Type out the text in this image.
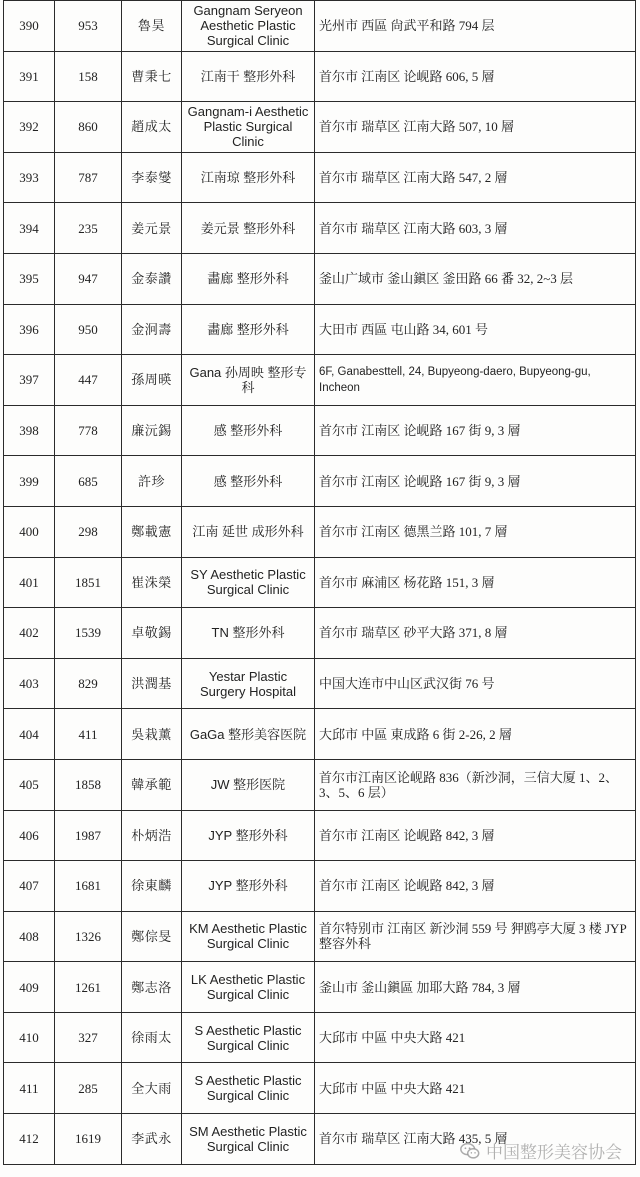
390	953	魯昊	Gangnam Seryeon Aesthetic Plastic Surgical Clinic	光州市 西區 尙武平和路 794 层
391	158	曹秉七	江南干 整形外科	首尔市 江南区 论岘路 606, 5 層
392	860	趙成太	Gangnam-i Aesthetic Plastic Surgical Clinic	首尔市 瑞草区 江南大路 507, 10 層
393	787	李泰燮	江南琼 整形外科	首尔市 瑞草区 江南大路 547, 2 層
394	235	姜元景	姜元景 整形外科	首尔市 瑞草区 江南大路 603, 3 層
395	947	金泰讚	畵廊 整形外科	釜山广域市 釜山鎭区 釜田路 66 番 32, 2~3 层
396	950	金泂壽	畵廊 整形外科	大田市 西區 屯山路 34, 601 号
397	447	孫周暎	Gana 孙周映 整形专科	6F, Ganabesttell, 24, Bupyeong-daero, Bupyeong-gu, Incheon
398	778	廉沅錫	感 整形外科	首尔市 江南区 论岘路 167 街 9, 3 層
399	685	許珍	感 整形外科	首尔市 江南区 论岘路 167 街 9, 3 層
400	298	鄭載憲	江南 延世 成形外科	首尔市 江南区 德黑兰路 101, 7 層
401	1851	崔洙榮	SY Aesthetic Plastic Surgical Clinic	首尔市 麻浦区 杨花路 151, 3 層
402	1539	卓敬錫	TN 整形外科	首尔市 瑞草区 砂平大路 371, 8 層
403	829	洪潤基	Yestar Plastic Surgery Hospital	中国大连市中山区武汉街 76 号
404	411	吳栽薰	GaGa 整形美容医院	大邱市 中區 東成路 6 街 2-26, 2 層
405	1858	韓承範	JW 整形医院	首尔市江南区论岘路 836（新沙洞，三信大厦 1、2、3、5、6 层）
406	1987	朴炳浩	JYP 整形外科	首尔市 江南区 论岘路 842, 3 層
407	1681	徐東麟	JYP 整形外科	首尔市 江南区 论岘路 842, 3 層
408	1326	鄭倧旻	KM Aesthetic Plastic Surgical Clinic	首尔特别市 江南区 新沙洞 559 号 狎鸥亭大厦 3 楼 JYP 整容外科
409	1261	鄭志洛	LK Aesthetic Plastic Surgical Clinic	釜山市 釜山鎭區 加耶大路 784, 3 層
410	327	徐雨太	S Aesthetic Plastic Surgical Clinic	大邱市 中區 中央大路 421
411	285	全大雨	S Aesthetic Plastic Surgical Clinic	大邱市 中區 中央大路 421
412	1619	李武永	SM Aesthetic Plastic Surgical Clinic	首尔市 瑞草区 江南大路 435, 5 層
中国整形美容协会
